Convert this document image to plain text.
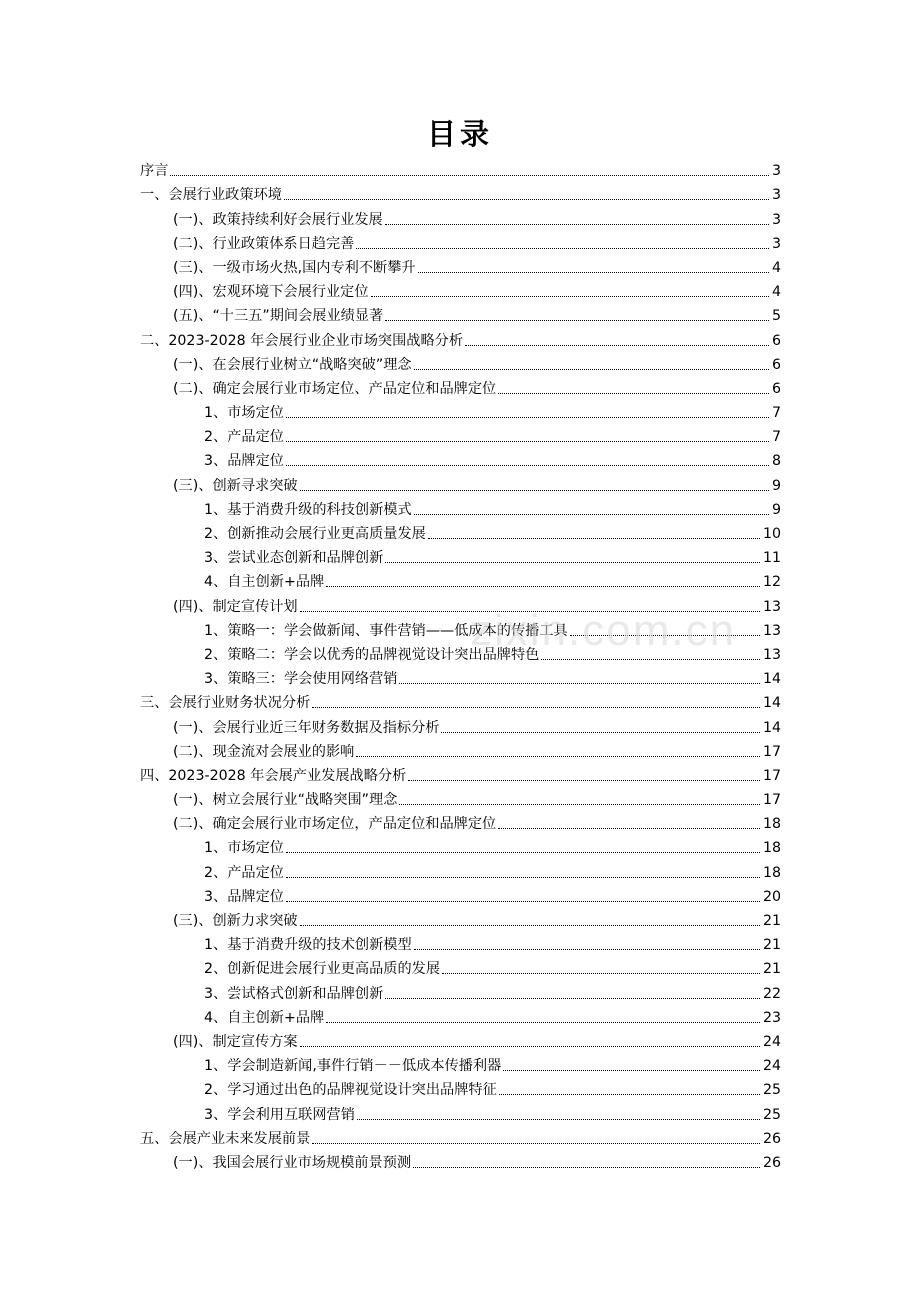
目录
序言	3
一、会展行业政策环境	3
(一)、政策持续利好会展行业发展	3
(二)、行业政策体系日趋完善	3
(三)、一级市场火热,国内专利不断攀升	4
(四)、宏观环境下会展行业定位	4
(五)、“十三五”期间会展业绩显著	5
二、2023-2028 年会展行业企业市场突围战略分析	6
(一)、在会展行业树立“战略突破”理念	6
(二)、确定会展行业市场定位、产品定位和品牌定位	6
1、市场定位	7
2、产品定位	7
3、品牌定位	8
(三)、创新寻求突破	9
1、基于消费升级的科技创新模式	9
2、创新推动会展行业更高质量发展	10
3、尝试业态创新和品牌创新	11
4、自主创新+品牌	12
(四)、制定宣传计划	13
1、策略一：学会做新闻、事件营销——低成本的传播工具	13
2、策略二：学会以优秀的品牌视觉设计突出品牌特色	13
3、策略三：学会使用网络营销	14
三、会展行业财务状况分析	14
(一)、会展行业近三年财务数据及指标分析	14
(二)、现金流对会展业的影响	17
四、2023-2028 年会展产业发展战略分析	17
(一)、树立会展行业“战略突围”理念	17
(二)、确定会展行业市场定位，产品定位和品牌定位	18
1、市场定位	18
2、产品定位	18
3、品牌定位	20
(三)、创新力求突破	21
1、基于消费升级的技术创新模型	21
2、创新促进会展行业更高品质的发展	21
3、尝试格式创新和品牌创新	22
4、自主创新+品牌	23
(四)、制定宣传方案	24
1、学会制造新闻,事件行销－－低成本传播利器	24
2、学习通过出色的品牌视觉设计突出品牌特征	25
3、学会利用互联网营销	25
五、会展产业未来发展前景	26
(一)、我国会展行业市场规模前景预测	26
zixin.com.cn
